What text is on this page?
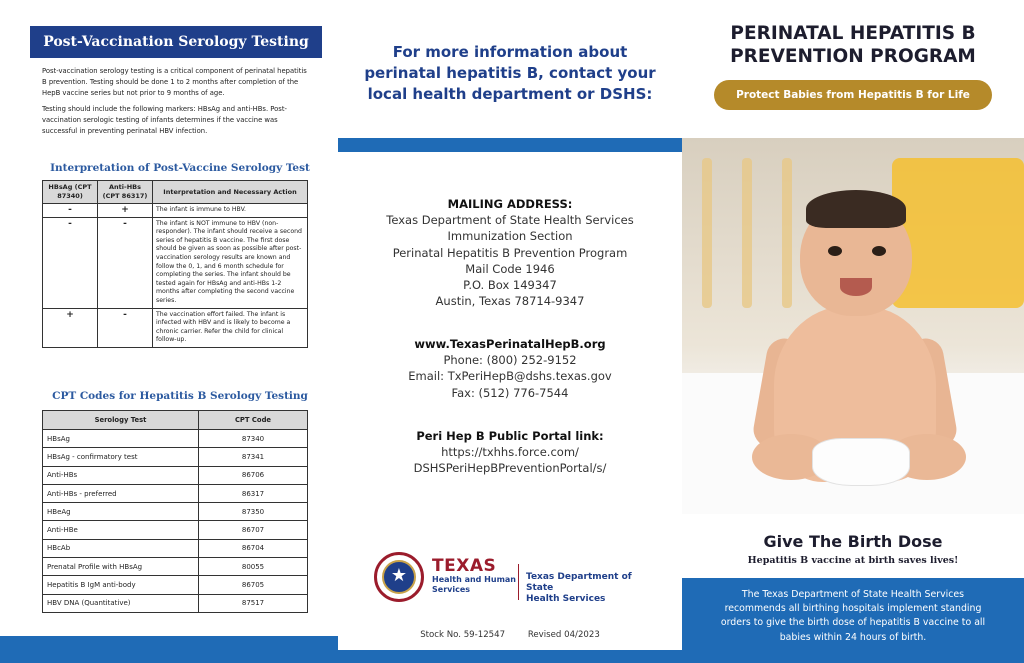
Post-Vaccination Serology Testing

Post-vaccination serology testing is a critical component of perinatal hepatitis B prevention. Testing should be done 1 to 2 months after completion of the HepB vaccine series but not prior to 9 months of age.

Testing should include the following markers: HBsAg and anti-HBs. Post-vaccination serologic testing of infants determines if the vaccine was successful in preventing perinatal HBV infection.

Interpretation of Post-Vaccine Serology Test
HBsAg (CPT 87340)	Anti-HBs (CPT 86317)	Interpretation and Necessary Action
-	+	The infant is immune to HBV.
-	-	The infant is NOT immune to HBV (non-responder). The infant should receive a second series of hepatitis B vaccine. The first dose should be given as soon as possible after post-vaccination serology results are known and follow the 0, 1, and 6 month schedule for completing the series. The infant should be tested again for HBsAg and anti-HBs 1-2 months after completing the second vaccine series.
+	-	The vaccination effort failed. The infant is infected with HBV and is likely to become a chronic carrier. Refer the child for clinical follow-up.
CPT Codes for Hepatitis B Serology Testing
Serology Test	CPT Code
HBsAg	87340
HBsAg - confirmatory test	87341
Anti-HBs	86706
Anti-HBs - preferred	86317
HBeAg	87350
Anti-HBe	86707
HBcAb	86704
Prenatal Profile with HBsAg	80055
Hepatitis B IgM anti-body	86705
HBV DNA (Quantitative)	87517
For more information about perinatal hepatitis B, contact your local health department or DSHS:
MAILING ADDRESS:
Texas Department of State Health Services
Immunization Section
Perinatal Hepatitis B Prevention Program
Mail Code 1946
P.O. Box 149347
Austin, Texas 78714-9347
www.TexasPerinatalHepB.org
Phone: (800) 252-9152
Email: TxPeriHepB@dshs.texas.gov
Fax: (512) 776-7544
Peri Hep B Public Portal link:
https://txhhs.force.com/
DSHSPeriHepBPreventionPortal/s/
★	TEXAS
Health and Human
Services
Texas Department of State
Health Services
Stock No. 59-12547	Revised 04/2023
PERINATAL HEPATITIS B
PREVENTION PROGRAM
Protect Babies from Hepatitis B for Life
Give The Birth Dose
Hepatitis B vaccine at birth saves lives!
The Texas Department of State Health Services recommends all birthing hospitals implement standing orders to give the birth dose of hepatitis B vaccine to all babies within 24 hours of birth.
